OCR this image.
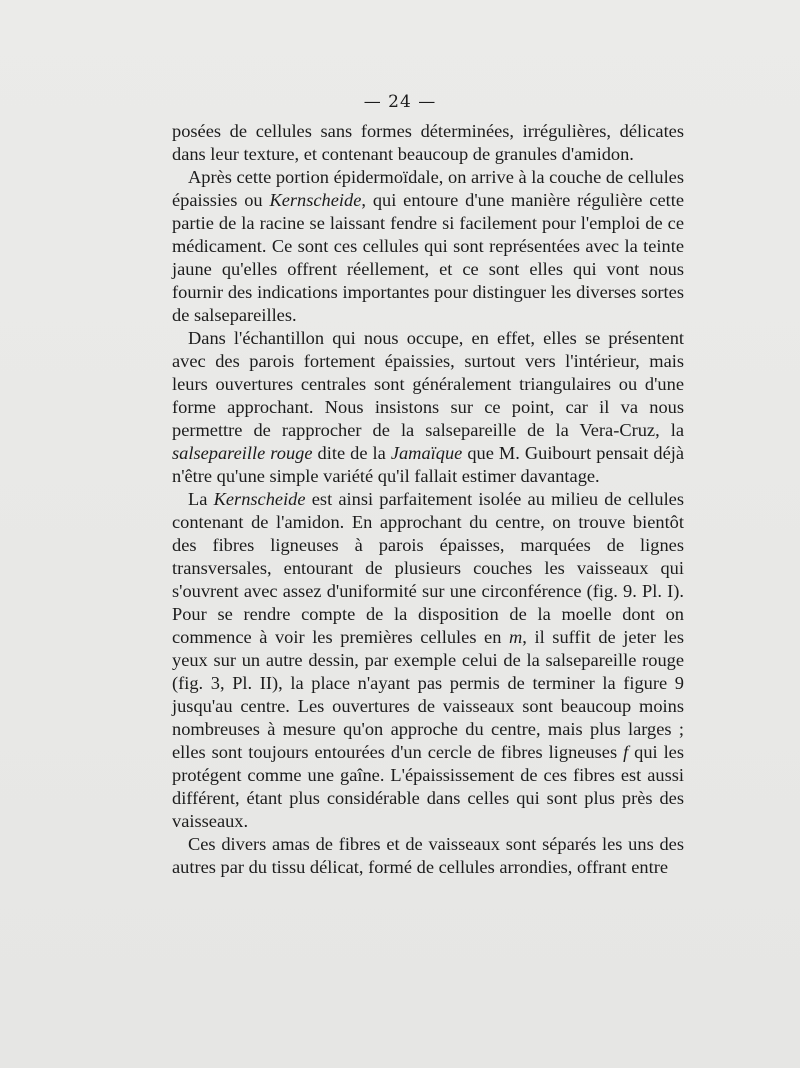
— 24 —

posées de cellules sans formes déterminées, irrégulières, délicates dans leur texture, et contenant beaucoup de granules d'amidon.

Après cette portion épidermoïdale, on arrive à la couche de cellules épaissies ou Kernscheide, qui entoure d'une manière régulière cette partie de la racine se laissant fendre si facilement pour l'emploi de ce médicament. Ce sont ces cellules qui sont représentées avec la teinte jaune qu'elles offrent réellement, et ce sont elles qui vont nous fournir des indications importantes pour distinguer les diverses sortes de salsepareilles.

Dans l'échantillon qui nous occupe, en effet, elles se présentent avec des parois fortement épaissies, surtout vers l'intérieur, mais leurs ouvertures centrales sont généralement triangulaires ou d'une forme approchant. Nous insistons sur ce point, car il va nous permettre de rapprocher de la salsepareille de la Vera-Cruz, la salsepareille rouge dite de la Jamaïque que M. Guibourt pensait déjà n'être qu'une simple variété qu'il fallait estimer davantage.

La Kernscheide est ainsi parfaitement isolée au milieu de cellules contenant de l'amidon. En approchant du centre, on trouve bientôt des fibres ligneuses à parois épaisses, marquées de lignes transversales, entourant de plusieurs couches les vaisseaux qui s'ouvrent avec assez d'uniformité sur une circonférence (fig. 9. Pl. I). Pour se rendre compte de la disposition de la moelle dont on commence à voir les premières cellules en m, il suffit de jeter les yeux sur un autre dessin, par exemple celui de la salsepareille rouge (fig. 3, Pl. II), la place n'ayant pas permis de terminer la figure 9 jusqu'au centre. Les ouvertures de vaisseaux sont beaucoup moins nombreuses à mesure qu'on approche du centre, mais plus larges ; elles sont toujours entourées d'un cercle de fibres ligneuses f qui les protégent comme une gaîne. L'épaississement de ces fibres est aussi différent, étant plus considérable dans celles qui sont plus près des vaisseaux.

Ces divers amas de fibres et de vaisseaux sont séparés les uns des autres par du tissu délicat, formé de cellules arrondies, offrant entre
